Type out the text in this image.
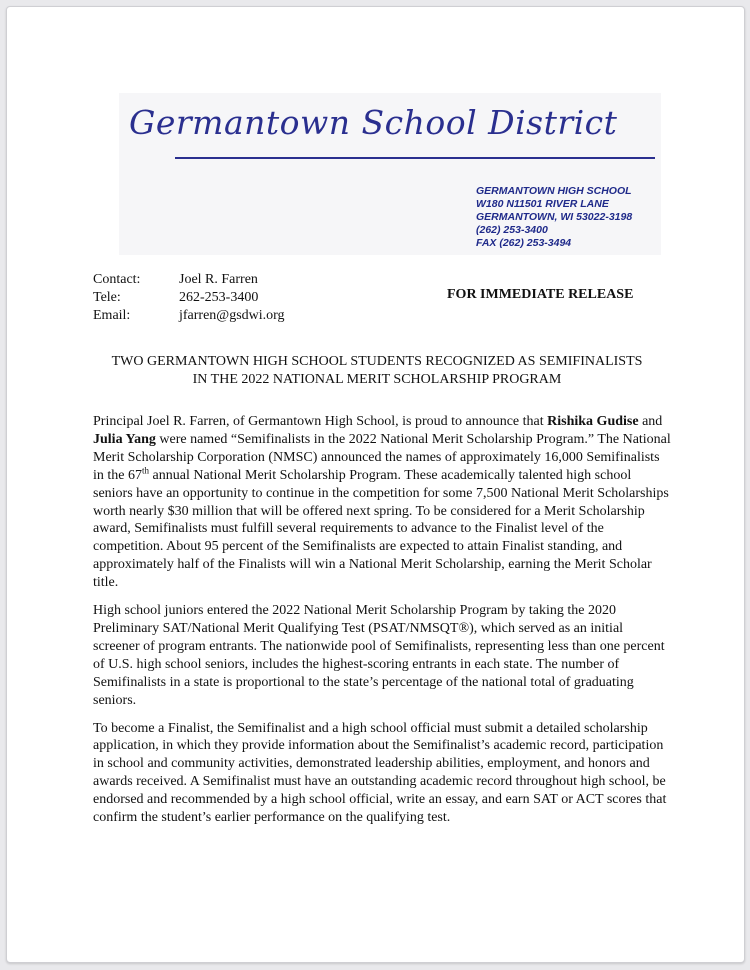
Germantown School District
GERMANTOWN HIGH SCHOOL
W180 N11501 RIVER LANE
GERMANTOWN, WI 53022-3198
(262) 253-3400
FAX (262) 253-3494
Contact:	Joel R. Farren
Tele:	262-253-3400
Email:	jfarren@gsdwi.org
FOR IMMEDIATE RELEASE
TWO GERMANTOWN HIGH SCHOOL STUDENTS RECOGNIZED AS SEMIFINALISTS
IN THE 2022 NATIONAL MERIT SCHOLARSHIP PROGRAM

Principal Joel R. Farren, of Germantown High School, is proud to announce that Rishika Gudise and Julia Yang were named “Semifinalists in the 2022 National Merit Scholarship Program.” The National Merit Scholarship Corporation (NMSC) announced the names of approximately 16,000 Semifinalists in the 67th annual National Merit Scholarship Program. These academically talented high school seniors have an opportunity to continue in the competition for some 7,500 National Merit Scholarships worth nearly $30 million that will be offered next spring. To be considered for a Merit Scholarship award, Semifinalists must fulfill several requirements to advance to the Finalist level of the competition. About 95 percent of the Semifinalists are expected to attain Finalist standing, and approximately half of the Finalists will win a National Merit Scholarship, earning the Merit Scholar title.

High school juniors entered the 2022 National Merit Scholarship Program by taking the 2020 Preliminary SAT/National Merit Qualifying Test (PSAT/NMSQT®), which served as an initial screener of program entrants. The nationwide pool of Semifinalists, representing less than one percent of U.S. high school seniors, includes the highest-scoring entrants in each state. The number of Semifinalists in a state is proportional to the state’s percentage of the national total of graduating seniors.

To become a Finalist, the Semifinalist and a high school official must submit a detailed scholarship application, in which they provide information about the Semifinalist’s academic record, participation in school and community activities, demonstrated leadership abilities, employment, and honors and awards received. A Semifinalist must have an outstanding academic record throughout high school, be endorsed and recommended by a high school official, write an essay, and earn SAT or ACT scores that confirm the student’s earlier performance on the qualifying test.
